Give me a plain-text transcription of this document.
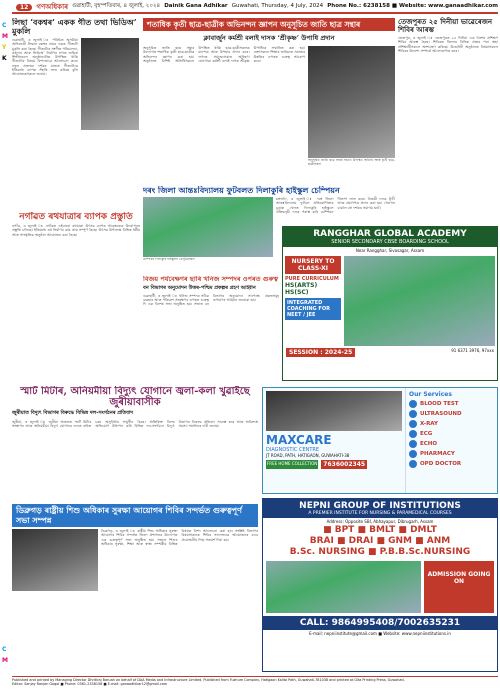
C
M
Y
K
C
M
12	গণঅধিকাৰ গুৱাহাটী, বৃহস্পতিবাৰ, ৪ জুলাই, ২০২৪ Dainik Gana Adhikar Guwahati, Thursday, 4 July, 2024 Phone No.: 6238158 ■ Website: www.ganaadhikar.com
লিছা ‘বকশ্বৰ’ একক গীত তথা ভিডিঅ’ মুকলি
গুৱাহাটী, ৩ জুলাই ঃ পৰিচিত অসমীয়া অভিনেত্ৰী লিছাৰ বকশ্বৰ নামৰ একক গীতটো মুকলি কৰা হৈছে। গীতটোৰ সংগীত পৰিচালনা, কণ্ঠদান আৰু ভিডিঅ’ নিৰ্মাণৰ লগত জড়িত শিল্পীসকলে অনুষ্ঠানটোত উপস্থিত থাকি গীতটোৰ বিষয়ে বিশদভাৱে আলোচনা কৰে। নতুন প্ৰজন্মৰ দৰ্শকৰ মাজত গীতটোৱে ইতিমধ্যে ব্যাপক সঁহাৰি লাভ কৰিছে বুলি আয়োজকসকলে জনায়।
শতাধিক কৃতী ছাত্ৰ-ছাত্ৰীক অভিনন্দন জ্ঞাপন অনুসূচিত জাতি ছাত্ৰ সন্থাৰ
ক্লাবাৰ্জুন কৰ্মশ্ৰী বলাই দাসক ‘শ্ৰীকৃষ্ণ’ উপাধি প্ৰদান
অনুসূচিত জাতি ছাত্ৰ সন্থাৰ উদ্যোগত শতাধিক কৃতী ছাত্ৰ-ছাত্ৰীক অভিনন্দন জ্ঞাপন কৰা হয়। অনুষ্ঠানত বিশিষ্ট অতিথিসকলে উপস্থিত থাকি ছাত্ৰ-ছাত্ৰীসকলক মানপত্ৰ আৰু উপহাৰ প্ৰদান কৰে। লগতে সমাজসেৱাত অৰিহণা যোগোৱা কৰ্মশ্ৰী বলাই দাসক শ্ৰীকৃষ্ণ উপাধিৰে সন্মানিত কৰা হয়। বক্তাসকলে শিক্ষাৰ জৰিয়তে সমাজৰ উন্নতিৰ ওপৰত গুৰুত্ব আৰোপ কৰে।
অনুসূচিত জাতি ছাত্ৰ সন্থাৰ সভাত উপস্থিত অতিথি আৰু কৃতী ছাত্ৰ-ছাত্ৰীসকল
দৰং জিলা আন্তঃবিদ্যালয় ফুটবলত দিলাকুৰি হাইস্কুল চেম্পিয়ন
চেম্পিয়ন দিলাকুৰি হাইস্কুলৰ খেলুৱৈসকল
মঙ্গলদৈ, ৩ জুলাই ঃ দৰং জিলা আন্তঃবিদ্যালয় ফুটবল প্ৰতিযোগিতাৰ চূড়ান্ত খেলত দিলাকুৰি হাইস্কুলে প্ৰতিদ্বন্দ্বী দলক পৰাস্ত কৰি চেম্পিয়ন খিতাপ লাভ কৰে। বিজয়ী দলক ট্ৰফী আৰু প্ৰমাণপত্ৰ প্ৰদান কৰা হয়। খেলখন চাবলৈ বহু দৰ্শকৰ সমাগম ঘটে।
নগাঁৱত ৰথযাত্ৰাৰ ব্যাপক প্ৰস্তুতি
নগাঁও, ৩ জুলাই ঃ নগাঁৱত এইবাৰো ৰথযাত্ৰা উৎসৱ ব্যাপক আড়ম্বৰেৰে উদযাপনৰ প্ৰস্তুতি চলিছে। ইতিমধ্যে ৰথ নিৰ্মাণৰ কাম প্ৰায় সম্পূৰ্ণ হৈছে। উৎসৱ উপলক্ষে বিভিন্ন ধৰ্মীয় আৰু সাংস্কৃতিক অনুষ্ঠান আয়োজন কৰা হৈছে।
বিজয় পৰ্যবেক্ষণৰ ছাৰি খনিজ সম্পদৰ ওপৰত গুৰুত্ব
বন বিভাগৰ অনুমোদন উত্তৰ-পশ্চিম প্ৰকল্পৰ গ্ৰহণ আহ্বান
গুৱাহাটী, ৩ জুলাই ঃ খনিজ সম্পদৰ সঠিক ব্যৱহাৰ আৰু পৰিৱেশ সংৰক্ষণৰ ওপৰত গুৰুত্ব দি এক বিশেষ সভা অনুষ্ঠিত হয়। সভাত বন বিভাগৰ অনুমোদন সাপেক্ষে প্ৰকল্পসমূহ ৰূপায়ণৰ আহ্বান জনোৱা হয়।
স্মাৰ্ট মিটাৰ, অনিয়মীয়া বিদ্যুৎ যোগানে জ্বলা-কলা খুৱাইছে জুৰীয়াবাসীক
জুৰীয়াত বিদ্যুৎ বিভাগৰ বিৰুদ্ধে বিভিন্ন দল-সংগঠনৰ প্ৰতিবাদ
জুৰীয়া, ৩ জুলাই ঃ জুৰীয়া অঞ্চলত স্মাৰ্ট মিটাৰ সংস্থাপন আৰু অনিয়মীয়া বিদ্যুৎ যোগানৰ ফলত ৰাইজ চৰম অসুবিধাৰ সন্মুখীন হৈছে। অতিৰিক্ত বিলৰ অভিযোগ উত্থাপন কৰি বিভিন্ন দল-সংগঠনে বিদ্যুৎ বিভাগৰ বিৰুদ্ধে প্ৰতিবাদ সাব্যস্ত কৰে আৰু অবিলম্বে সমস্যা সমাধানৰ দাবী জনায়।
ডিব্ৰুগড় ৰাষ্ট্ৰীয় শিশু অধিকাৰ সুৰক্ষা আয়োগৰ শিবিৰ সন্দৰ্ভত গুৰুত্বপূৰ্ণ সভা সম্পন্ন
ডিব্ৰুগড়, ৩ জুলাই ঃ ৰাষ্ট্ৰীয় শিশু অধিকাৰ সুৰক্ষা আয়োগৰ শিবিৰ সন্দৰ্ভত জিলা প্ৰশাসনৰ উদ্যোগত এক গুৰুত্বপূৰ্ণ সভা অনুষ্ঠিত হয়। সভাত শিশুৰ অধিকাৰ সুৰক্ষা, শিক্ষা আৰু স্বাস্থ্য সম্পৰ্কীয় বিভিন্ন বিষয়ত বিশদ আলোচনা কৰা হয়। সংশ্লিষ্ট বিভাগৰ বিষয়াসকলক শিবিৰ সফলভাৱে আয়োজনৰ বাবে প্ৰয়োজনীয় দিহা-পৰামৰ্শ দিয়া হয়।
তেজপুৰত ২৫ দিনীয়া ভাৱেৰেজন শিবিৰ আৰম্ভ
তেজপুৰ, ৩ জুলাই ঃ তেজপুৰত ২৫ দিনীয়া এক বিশেষ প্ৰশিক্ষণ শিবিৰ আৰম্ভ হৈছে। শিবিৰত জিলাৰ বিভিন্ন প্ৰান্তৰ পৰা অহা প্ৰশিক্ষাৰ্থীসকলে অংশগ্ৰহণ কৰিছে। উদ্বোধনী অনুষ্ঠানত বিষয়াসকলে শিবিৰৰ উদ্দেশ্য সম্পৰ্কে আলোকপাত কৰে।
RANGGHAR GLOBAL ACADEMY
SENIOR SECONDARY CBSE BOARDING SCHOOL
Near Rangghar, Sivasagar, Assam
NURSERY TO CLASS-XI
PURE CURRICULUM
HS(ARTS)
HS(SC)
INTEGRATED COACHING FOR NEET / JEE
SESSION : 2024-25	91 6371 3976, 97xxx
MAXCARE
DIAGNOSTIC CENTRE
JT ROAD, PATH, HATIGAON, GUWAHATI-38
FREE HOME COLLECTION	7636002345
Our Services
BLOOD TEST
ULTRASOUND
X-RAY
ECG
ECHO
PHARMACY
OPD DOCTOR
NEPNI GROUP OF INSTITUTIONS
A PREMIER INSTITUTE FOR NURSING & PARAMEDICAL COURSES
Address: Opposite SBI, Abhayapur, Dibrugarh, Assam
■ BPT ■ BMLT ■ DMLT
BRAI ■ DRAI ■ GNM ■ ANM
B.Sc. NURSING ■ P.B.B.Sc.NURSING
ADMISSION GOING ON
CALL: 9864995408/7002635231
E-mail: nepniinstitute@gmail.com ■ Website: www.nepniinstitutions.in
Published and printed by Managing Director Dhritiraj Baruah on behalf of DAA Media and Infrastructure Limited, Published from Fuzhum Complex, Hatigaon Kalita Path, Guwahati-781038 and printed at Gita Printing Press, Guwahati.
Editor: Sanjay Ranjan Gogoi ■ Phone: 0361-2338158 ■ E-mail: ganaadhikar12@gmail.com
